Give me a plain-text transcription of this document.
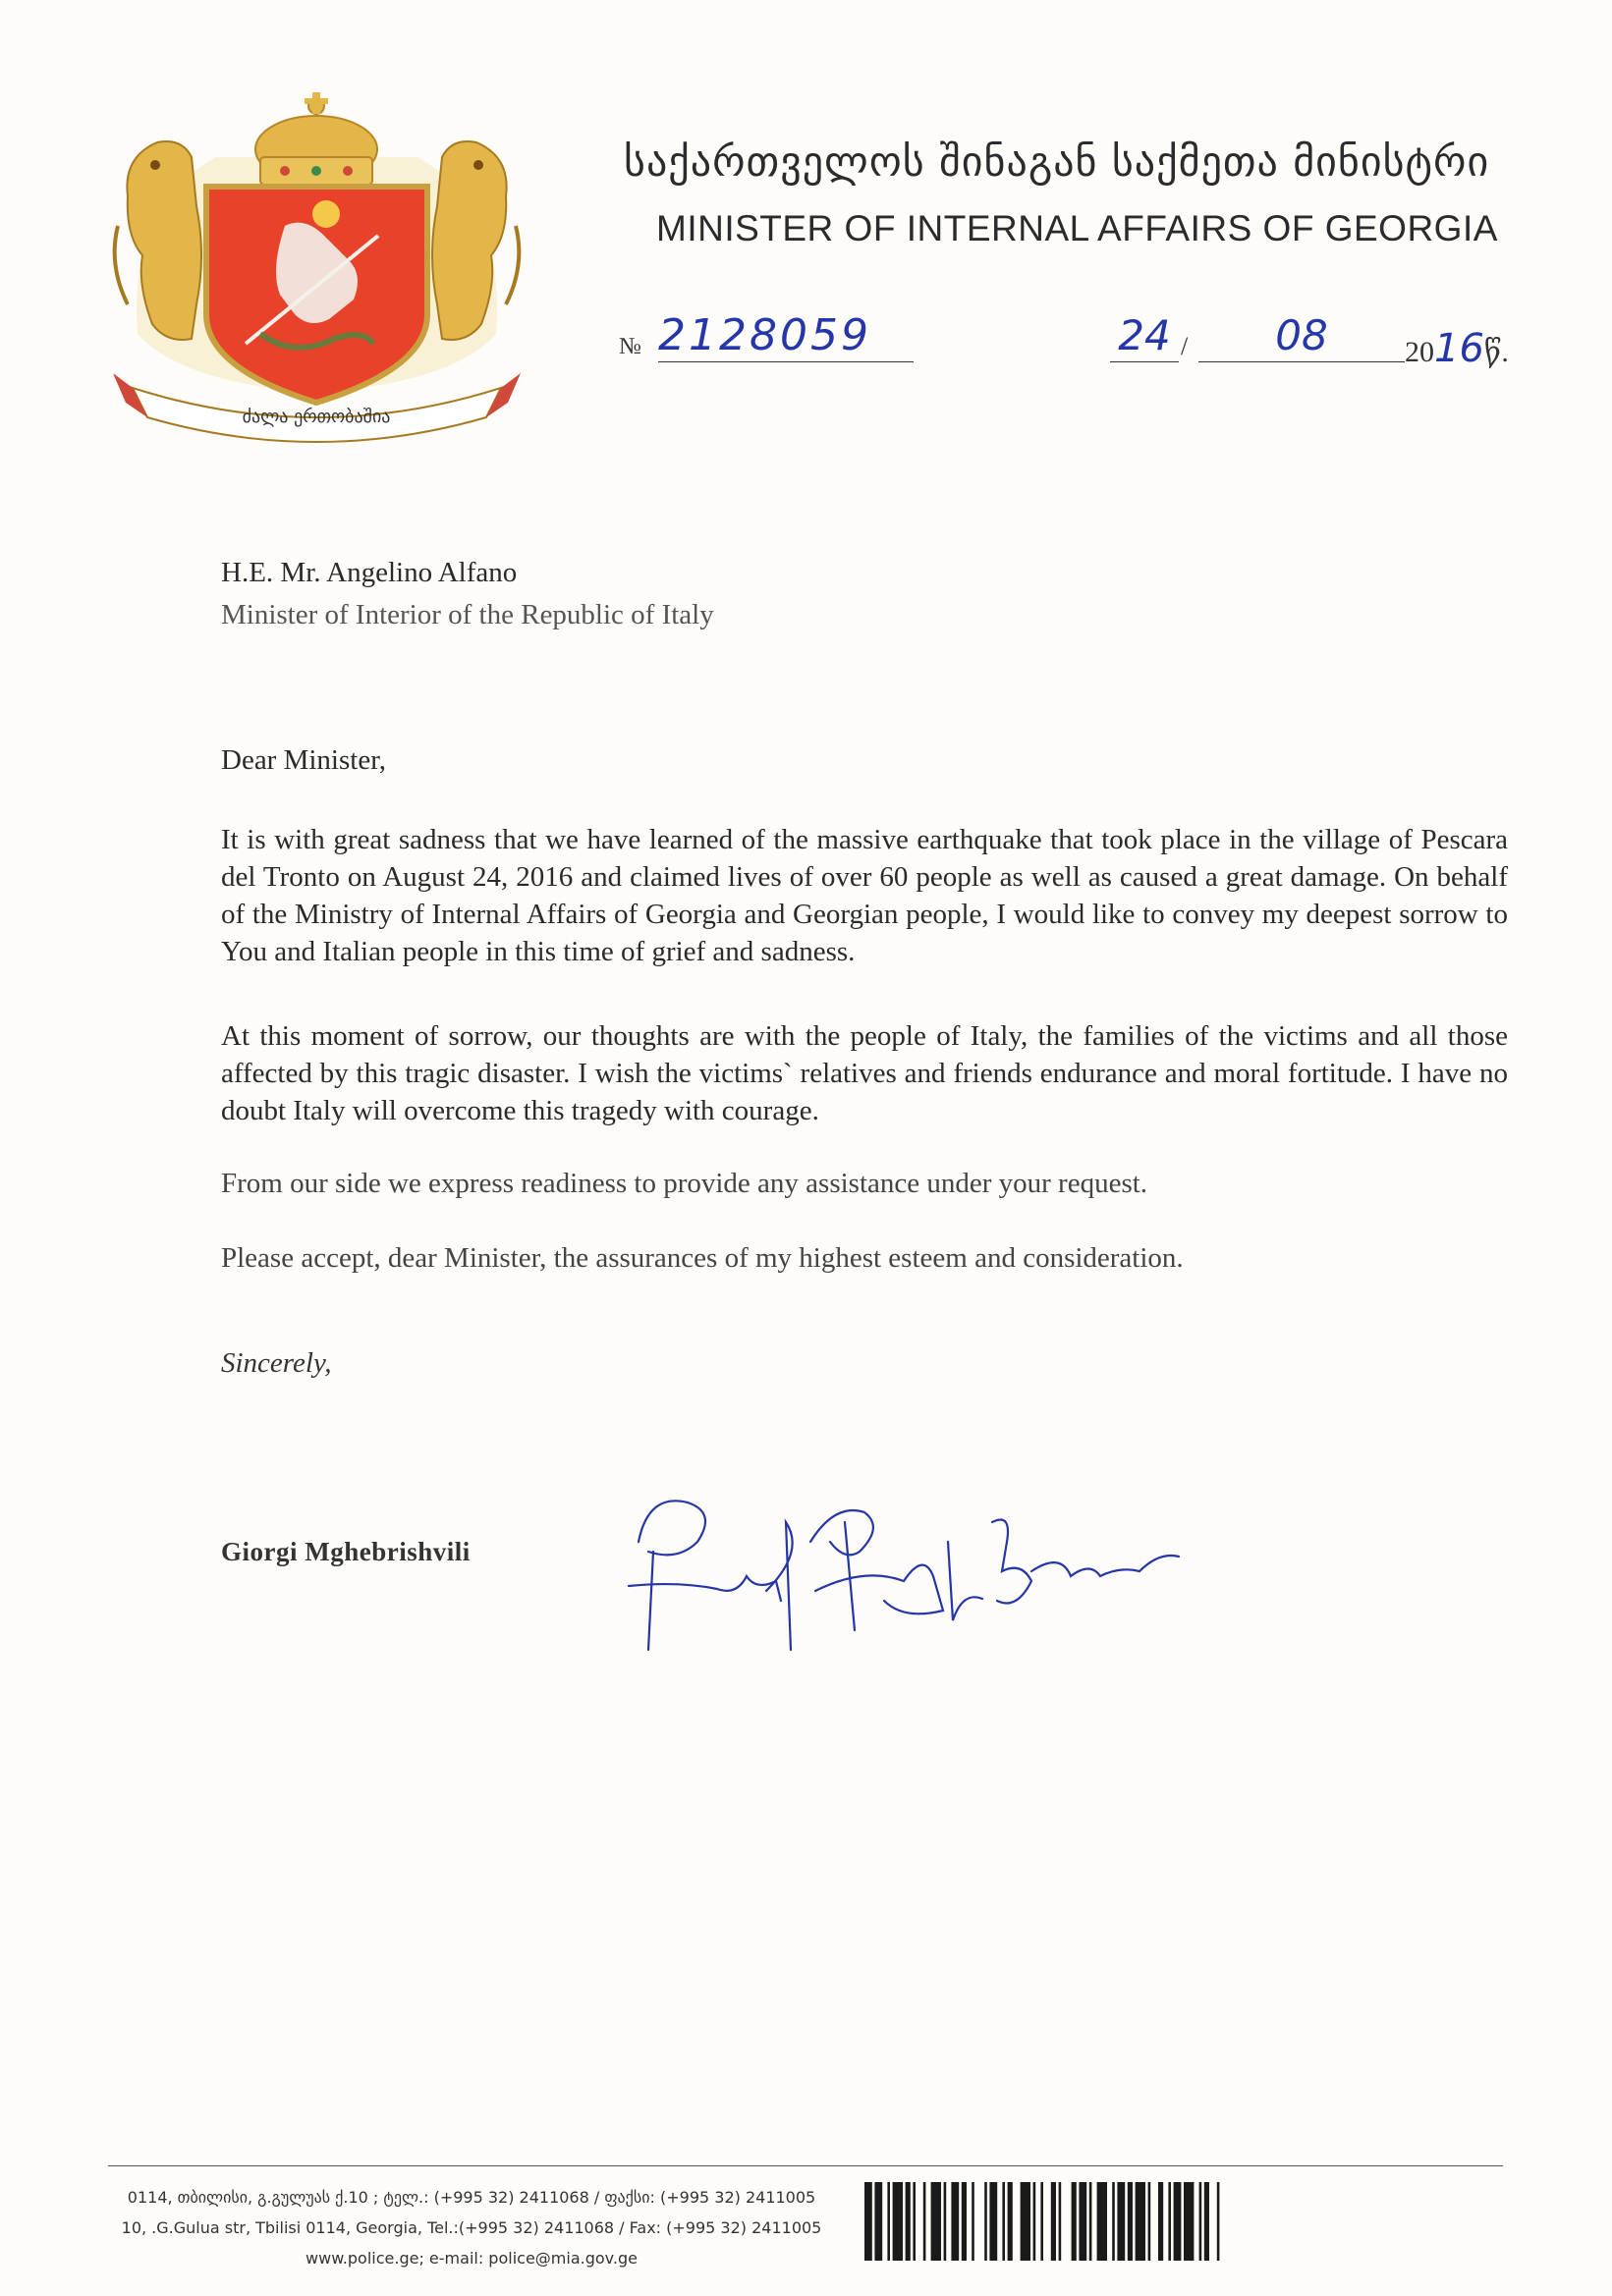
ძალა ერთობაშია
საქართველოს შინაგან საქმეთა მინისტრი
MINISTER OF INTERNAL AFFAIRS OF GEORGIA
№ 2128059	24 /	08	2016წ.
H.E. Mr. Angelino Alfano
Minister of Interior of the Republic of Italy
Dear Minister,
It is with great sadness that we have learned of the massive earthquake that took place in the village of Pescara del Tronto on August 24, 2016 and claimed lives of over 60 people as well as caused a great damage. On behalf of the Ministry of Internal Affairs of Georgia and Georgian people, I would like to convey my deepest sorrow to You and Italian people in this time of grief and sadness.
At this moment of sorrow, our thoughts are with the people of Italy, the families of the victims and all those affected by this tragic disaster. I wish the victims` relatives and friends endurance and moral fortitude. I have no doubt Italy will overcome this tragedy with courage.
From our side we express readiness to provide any assistance under your request.
Please accept, dear Minister, the assurances of my highest esteem and consideration.
Sincerely,
Giorgi Mghebrishvili
0114, თბილისი, გ.გულუას ქ.10 ; ტელ.: (+995 32) 2411068 / ფაქსი: (+995 32) 2411005
10, .G.Gulua str, Tbilisi 0114, Georgia, Tel.:(+995 32) 2411068 / Fax: (+995 32) 2411005
www.police.ge; e-mail: police@mia.gov.ge
